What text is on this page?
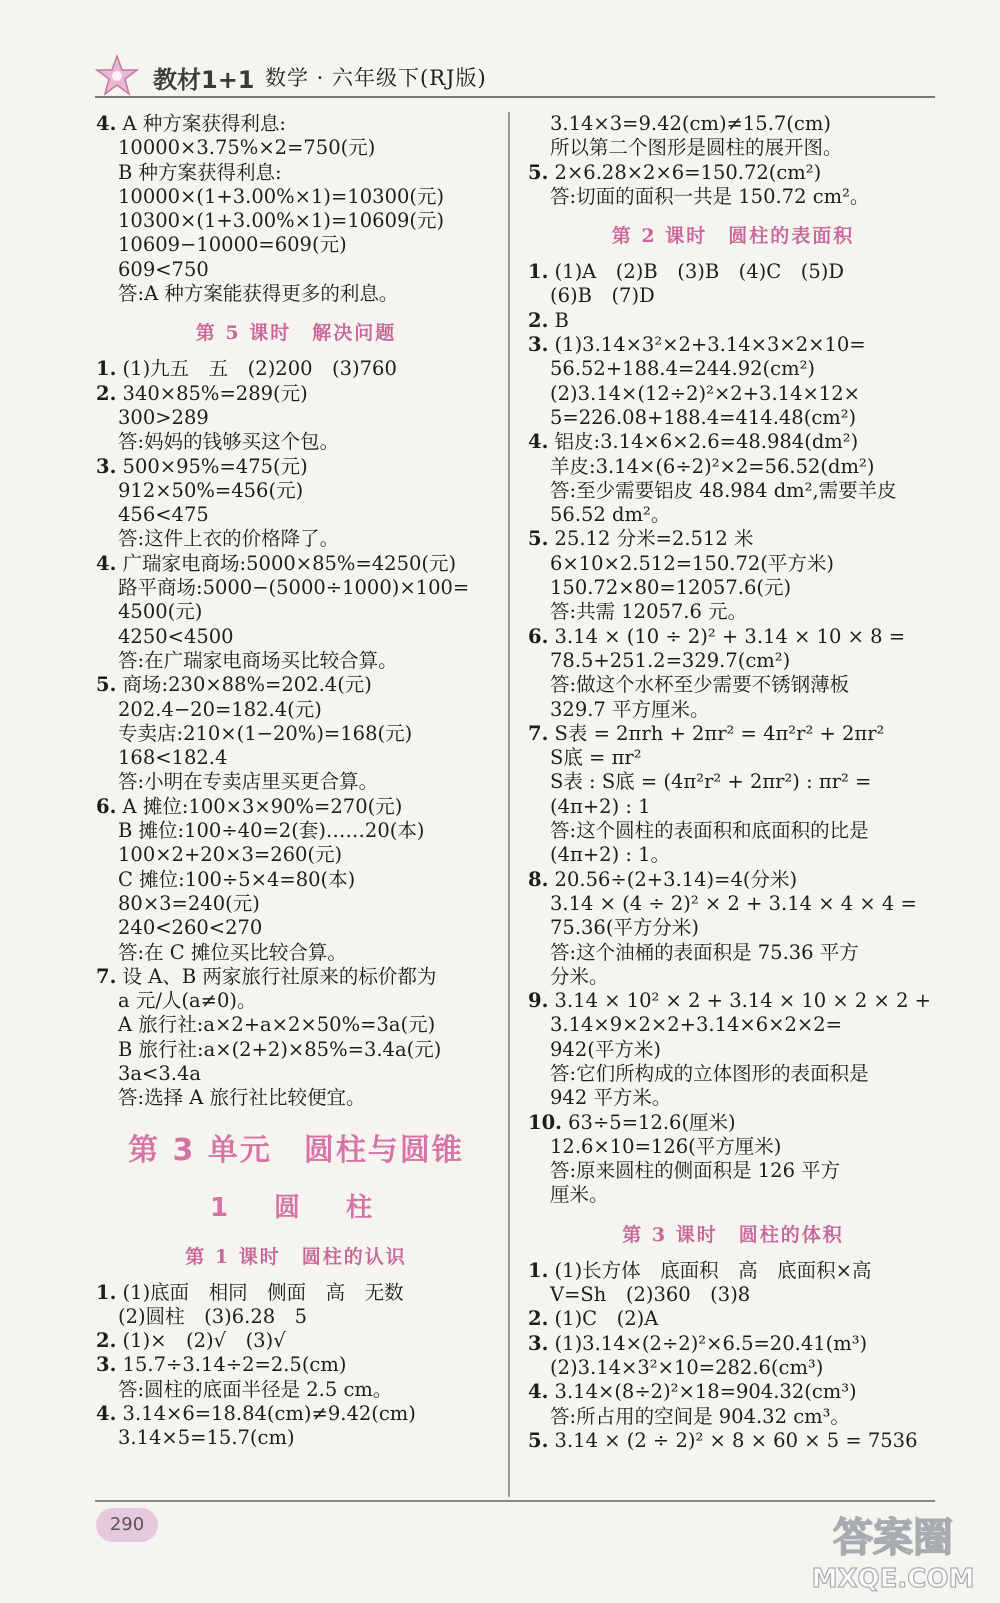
教材1+1 数学 · 六年级下(RJ版)
4. A 种方案获得利息:
10000×3.75%×2=750(元)
B 种方案获得利息:
10000×(1+3.00%×1)=10300(元)
10300×(1+3.00%×1)=10609(元)
10609−10000=609(元)
609<750
答:A 种方案能获得更多的利息。
第 5 课时　解决问题
1. (1)九五　五　(2)200　(3)760
2. 340×85%=289(元)
300>289
答:妈妈的钱够买这个包。
3. 500×95%=475(元)
912×50%=456(元)
456<475
答:这件上衣的价格降了。
4. 广瑞家电商场:5000×85%=4250(元)
路平商场:5000−(5000÷1000)×100=
4500(元)
4250<4500
答:在广瑞家电商场买比较合算。
5. 商场:230×88%=202.4(元)
202.4−20=182.4(元)
专卖店:210×(1−20%)=168(元)
168<182.4
答:小明在专卖店里买更合算。
6. A 摊位:100×3×90%=270(元)
B 摊位:100÷40=2(套)……20(本)
100×2+20×3=260(元)
C 摊位:100÷5×4=80(本)
80×3=240(元)
240<260<270
答:在 C 摊位买比较合算。
7. 设 A、B 两家旅行社原来的标价都为
a 元/人(a≠0)。
A 旅行社:a×2+a×2×50%=3a(元)
B 旅行社:a×(2+2)×85%=3.4a(元)
3a<3.4a
答:选择 A 旅行社比较便宜。
第 3 单元　圆柱与圆锥
1　圆　柱
第 1 课时　圆柱的认识
1. (1)底面　相同　侧面　高　无数
(2)圆柱　(3)6.28　5
2. (1)×　(2)√　(3)√
3. 15.7÷3.14÷2=2.5(cm)
答:圆柱的底面半径是 2.5 cm。
4. 3.14×6=18.84(cm)≠9.42(cm)
3.14×5=15.7(cm)
3.14×3=9.42(cm)≠15.7(cm)
所以第二个图形是圆柱的展开图。
5. 2×6.28×2×6=150.72(cm²)
答:切面的面积一共是 150.72 cm²。
第 2 课时　圆柱的表面积
1. (1)A　(2)B　(3)B　(4)C　(5)D
(6)B　(7)D
2. B
3. (1)3.14×3²×2+3.14×3×2×10=
56.52+188.4=244.92(cm²)
(2)3.14×(12÷2)²×2+3.14×12×
5=226.08+188.4=414.48(cm²)
4. 铝皮:3.14×6×2.6=48.984(dm²)
羊皮:3.14×(6÷2)²×2=56.52(dm²)
答:至少需要铝皮 48.984 dm²,需要羊皮
56.52 dm²。
5. 25.12 分米=2.512 米
6×10×2.512=150.72(平方米)
150.72×80=12057.6(元)
答:共需 12057.6 元。
6. 3.14 × (10 ÷ 2)² + 3.14 × 10 × 8 =
78.5+251.2=329.7(cm²)
答:做这个水杯至少需要不锈钢薄板
329.7 平方厘米。
7. S表 = 2πrh + 2πr² = 4π²r² + 2πr²
S底 = πr²
S表 : S底 = (4π²r² + 2πr²) : πr² =
(4π+2) : 1
答:这个圆柱的表面积和底面积的比是
(4π+2) : 1。
8. 20.56÷(2+3.14)=4(分米)
3.14 × (4 ÷ 2)² × 2 + 3.14 × 4 × 4 =
75.36(平方分米)
答:这个油桶的表面积是 75.36 平方
分米。
9. 3.14 × 10² × 2 + 3.14 × 10 × 2 × 2 +
3.14×9×2×2+3.14×6×2×2=
942(平方米)
答:它们所构成的立体图形的表面积是
942 平方米。
10. 63÷5=12.6(厘米)
12.6×10=126(平方厘米)
答:原来圆柱的侧面积是 126 平方
厘米。
第 3 课时　圆柱的体积
1. (1)长方体　底面积　高　底面积×高
V=Sh　(2)360　(3)8
2. (1)C　(2)A
3. (1)3.14×(2÷2)²×6.5=20.41(m³)
(2)3.14×3²×10=282.6(cm³)
4. 3.14×(8÷2)²×18=904.32(cm³)
答:所占用的空间是 904.32 cm³。
5. 3.14 × (2 ÷ 2)² × 8 × 60 × 5 = 7536
290	答案圈
MXQE.COM
